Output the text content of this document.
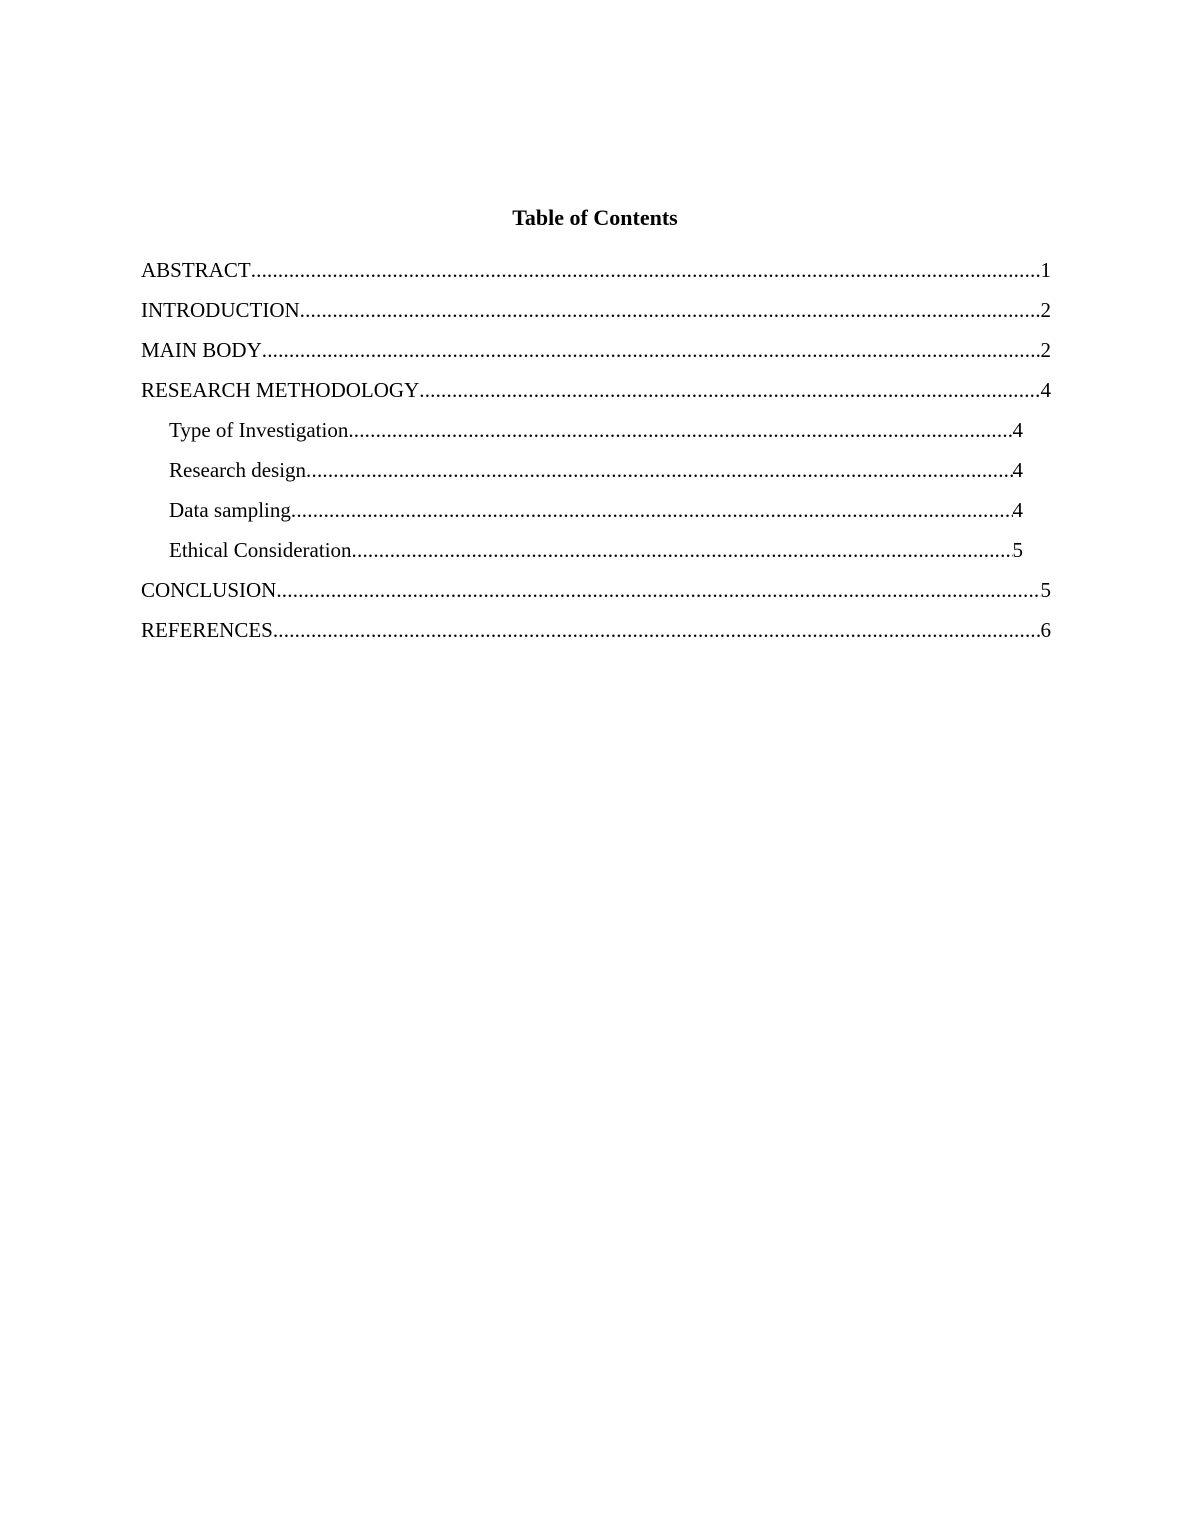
Table of Contents
ABSTRACT .....	1
INTRODUCTION .....	2
MAIN BODY .....	2
RESEARCH METHODOLOGY .....	4
Type of Investigation .....	4
Research design .....	4
Data sampling .....	4
Ethical Consideration .....	5
CONCLUSION .....	5
REFERENCES .....	6
